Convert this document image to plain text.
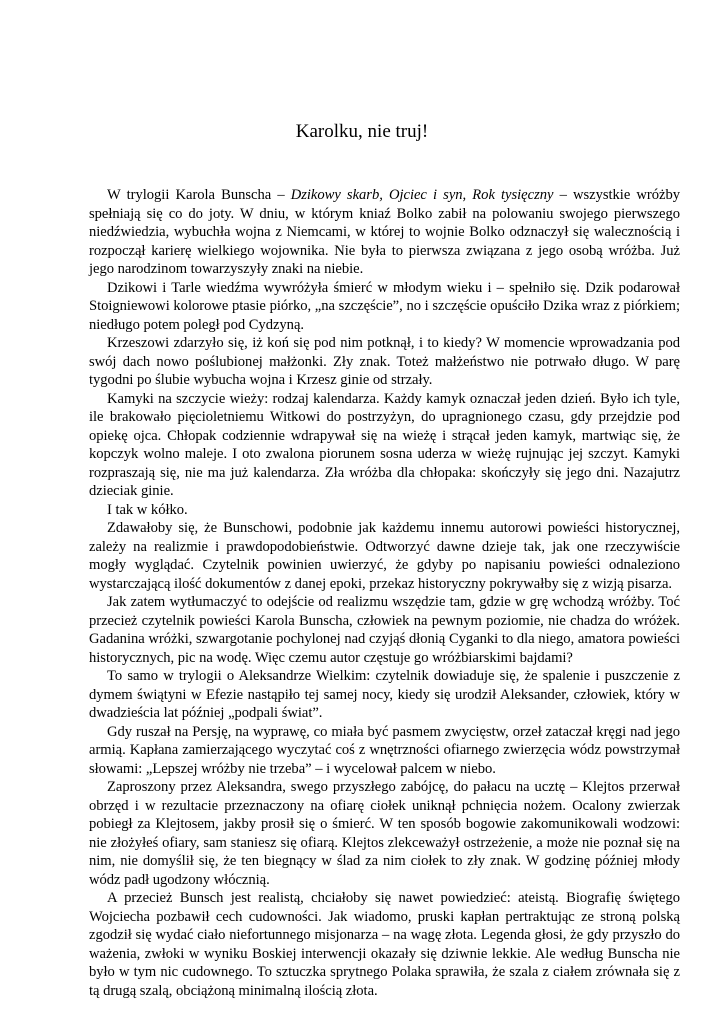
Karolku, nie truj!

W trylogii Karola Bunscha – Dzikowy skarb, Ojciec i syn, Rok tysięczny – wszystkie wróżby spełniają się co do joty. W dniu, w którym kniaź Bolko zabił na polowaniu swojego pierwszego niedźwiedzia, wybuchła wojna z Niemcami, w której to wojnie Bolko odznaczył się walecznością i rozpoczął karierę wielkiego wojownika. Nie była to pierwsza związana z jego osobą wróżba. Już jego narodzinom towarzyszyły znaki na niebie.

Dzikowi i Tarle wiedźma wywróżyła śmierć w młodym wieku i – spełniło się. Dzik podarował Stoigniewowi kolorowe ptasie piórko, „na szczęście”, no i szczęście opuściło Dzika wraz z piórkiem; niedługo potem poległ pod Cydzyną.

Krzeszowi zdarzyło się, iż koń się pod nim potknął, i to kiedy? W momencie wprowadzania pod swój dach nowo poślubionej małżonki. Zły znak. Toteż małżeństwo nie potrwało długo. W parę tygodni po ślubie wybucha wojna i Krzesz ginie od strzały.

Kamyki na szczycie wieży: rodzaj kalendarza. Każdy kamyk oznaczał jeden dzień. Było ich tyle, ile brakowało pięcioletniemu Witkowi do postrzyżyn, do upragnionego czasu, gdy przejdzie pod opiekę ojca. Chłopak codziennie wdrapywał się na wieżę i strącał jeden kamyk, martwiąc się, że kopczyk wolno maleje. I oto zwalona piorunem sosna uderza w wieżę rujnując jej szczyt. Kamyki rozpraszają się, nie ma już kalendarza. Zła wróżba dla chłopaka: skończyły się jego dni. Nazajutrz dzieciak ginie.

I tak w kółko.

Zdawałoby się, że Bunschowi, podobnie jak każdemu innemu autorowi powieści historycznej, zależy na realizmie i prawdopodobieństwie. Odtworzyć dawne dzieje tak, jak one rzeczywiście mogły wyglądać. Czytelnik powinien uwierzyć, że gdyby po napisaniu powieści odnaleziono wystarczającą ilość dokumentów z danej epoki, przekaz historyczny pokrywałby się z wizją pisarza.

Jak zatem wytłumaczyć to odejście od realizmu wszędzie tam, gdzie w grę wchodzą wróżby. Toć przecież czytelnik powieści Karola Bunscha, człowiek na pewnym poziomie, nie chadza do wróżek. Gadanina wróżki, szwargotanie pochylonej nad czyjąś dłonią Cyganki to dla niego, amatora powieści historycznych, pic na wodę. Więc czemu autor częstuje go wróżbiarskimi bajdami?

To samo w trylogii o Aleksandrze Wielkim: czytelnik dowiaduje się, że spalenie i puszczenie z dymem świątyni w Efezie nastąpiło tej samej nocy, kiedy się urodził Aleksander, człowiek, który w dwadzieścia lat później „podpali świat”.

Gdy ruszał na Persję, na wyprawę, co miała być pasmem zwycięstw, orzeł zataczał kręgi nad jego armią. Kapłana zamierzającego wyczytać coś z wnętrzności ofiarnego zwierzęcia wódz powstrzymał słowami: „Lepszej wróżby nie trzeba” – i wycelował palcem w niebo.

Zaproszony przez Aleksandra, swego przyszłego zabójcę, do pałacu na ucztę – Klejtos przerwał obrzęd i w rezultacie przeznaczony na ofiarę ciołek uniknął pchnięcia nożem. Ocalony zwierzak pobiegł za Klejtosem, jakby prosił się o śmierć. W ten sposób bogowie zakomunikowali wodzowi: nie złożyłeś ofiary, sam staniesz się ofiarą. Klejtos zlekceważył ostrzeżenie, a może nie poznał się na nim, nie domyślił się, że ten biegnący w ślad za nim ciołek to zły znak. W godzinę później młody wódz padł ugodzony włócznią.

A przecież Bunsch jest realistą, chciałoby się nawet powiedzieć: ateistą. Biografię świętego Wojciecha pozbawił cech cudowności. Jak wiadomo, pruski kapłan pertraktując ze stroną polską zgodził się wydać ciało niefortunnego misjonarza – na wagę złota. Legenda głosi, że gdy przyszło do ważenia, zwłoki w wyniku Boskiej interwencji okazały się dziwnie lekkie. Ale według Bunscha nie było w tym nic cudownego. To sztuczka sprytnego Polaka sprawiła, że szala z ciałem zrównała się z tą drugą szalą, obciążoną minimalną ilością złota.
